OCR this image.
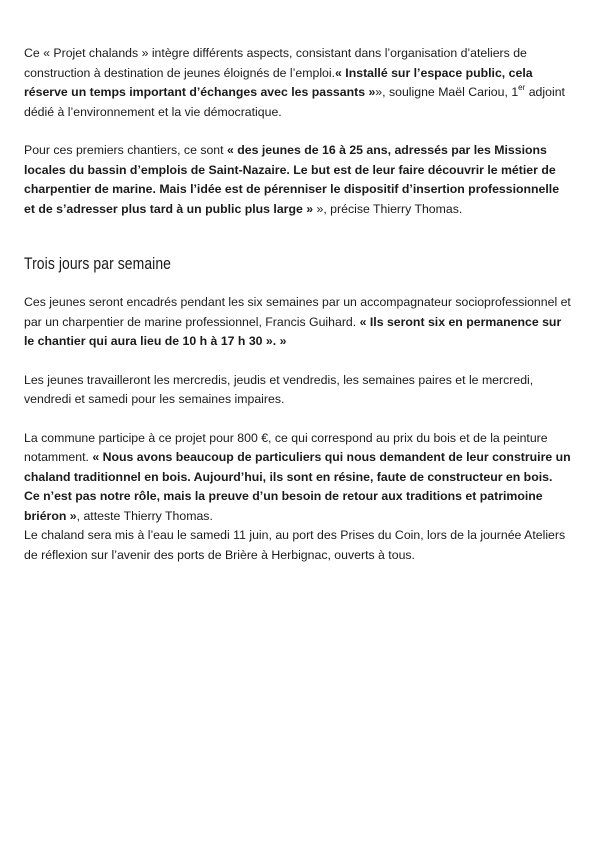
Ce « Projet chalands » intègre différents aspects, consistant dans l’organisation d’ateliers de construction à destination de jeunes éloignés de l’emploi.« Installé sur l’espace public, cela réserve un temps important d’échanges avec les passants »», souligne Maël Cariou, 1er adjoint dédié à l’environnement et la vie démocratique.

Pour ces premiers chantiers, ce sont « des jeunes de 16 à 25 ans, adressés par les Missions locales du bassin d’emplois de Saint-Nazaire. Le but est de leur faire découvrir le métier de charpentier de marine. Mais l’idée est de pérenniser le dispositif d’insertion professionnelle et de s’adresser plus tard à un public plus large » », précise Thierry Thomas.

Trois jours par semaine

Ces jeunes seront encadrés pendant les six semaines par un accompagnateur socioprofessionnel et par un charpentier de marine professionnel, Francis Guihard. « Ils seront six en permanence sur le chantier qui aura lieu de 10 h à 17 h 30 ». »

Les jeunes travailleront les mercredis, jeudis et vendredis, les semaines paires et le mercredi, vendredi et samedi pour les semaines impaires.

La commune participe à ce projet pour 800 €, ce qui correspond au prix du bois et de la peinture notamment. « Nous avons beaucoup de particuliers qui nous demandent de leur construire un chaland traditionnel en bois. Aujourd’hui, ils sont en résine, faute de constructeur en bois. Ce n’est pas notre rôle, mais la preuve d’un besoin de retour aux traditions et patrimoine briéron », atteste Thierry Thomas.

Le chaland sera mis à l’eau le samedi 11 juin, au port des Prises du Coin, lors de la journée Ateliers de réflexion sur l’avenir des ports de Brière à Herbignac, ouverts à tous.
